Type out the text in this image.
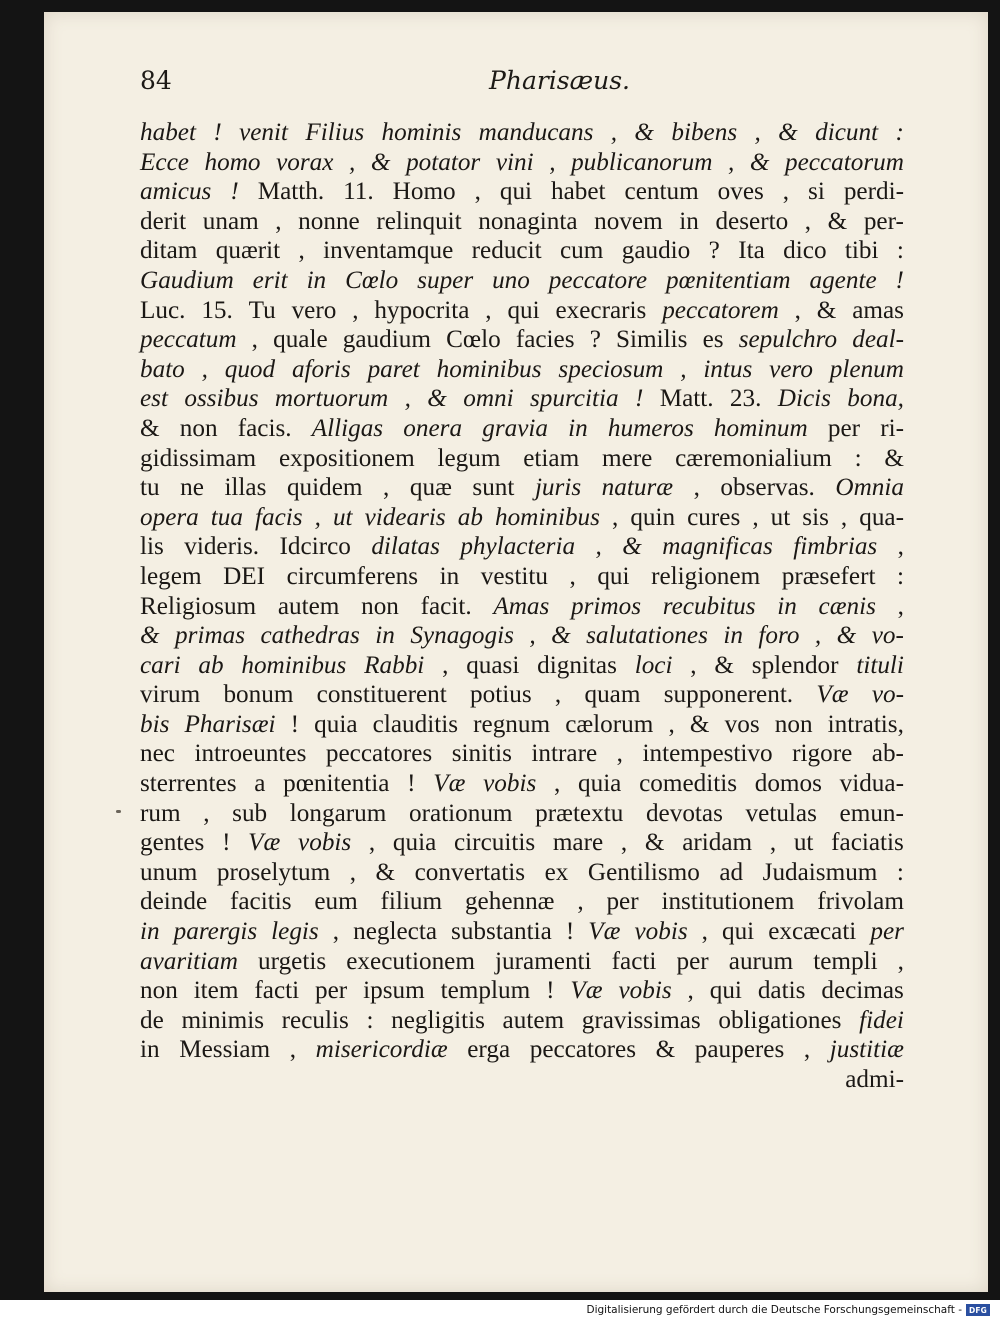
84	Pharisæus.
habet ! venit Filius hominis manducans , & bibens , & dicunt :
Ecce homo vorax , & potator vini , publicanorum , & peccatorum
amicus ! Matth. 11. Homo , qui habet centum oves , si perdi-
derit unam , nonne relinquit nonaginta novem in deserto , & per-
ditam quærit , inventamque reducit cum gaudio ? Ita dico tibi :
Gaudium erit in Cœlo super uno peccatore pœnitentiam agente !
Luc. 15. Tu vero , hypocrita , qui execraris peccatorem , & amas
peccatum , quale gaudium Cœlo facies ? Similis es sepulchro deal-
bato , quod aforis paret hominibus speciosum , intus vero plenum
est ossibus mortuorum , & omni spurcitia ! Matt. 23. Dicis bona,
& non facis. Alligas onera gravia in humeros hominum per ri-
gidissimam expositionem legum etiam mere cæremonialium : &
tu ne illas quidem , quæ sunt juris naturæ , observas. Omnia
opera tua facis , ut videaris ab hominibus , quin cures , ut sis , qua-
lis videris. Idcirco dilatas phylacteria , & magnificas fimbrias ,
legem DEI circumferens in vestitu , qui religionem præsefert :
Religiosum autem non facit. Amas primos recubitus in cænis ,
& primas cathedras in Synagogis , & salutationes in foro , & vo-
cari ab hominibus Rabbi , quasi dignitas loci , & splendor tituli
virum bonum constituerent potius , quam supponerent. Væ vo-
bis Pharisæi ! quia clauditis regnum cælorum , & vos non intratis,
nec introeuntes peccatores sinitis intrare , intempestivo rigore ab-
sterrentes a pœnitentia ! Væ vobis , quia comeditis domos vidua-
rum , sub longarum orationum prætextu devotas vetulas emun-
gentes ! Væ vobis , quia circuitis mare , & aridam , ut faciatis
unum proselytum , & convertatis ex Gentilismo ad Judaismum :
deinde facitis eum filium gehennæ , per institutionem frivolam
in parergis legis , neglecta substantia ! Væ vobis , qui excæcati per
avaritiam urgetis executionem juramenti facti per aurum templi ,
non item facti per ipsum templum ! Væ vobis , qui datis decimas
de minimis reculis : negligitis autem gravissimas obligationes fidei
in Messiam , misericordiæ erga peccatores & pauperes , justitiæ
admi-
Digitalisierung gefördert durch die Deutsche Forschungsgemeinschaft - DFG
